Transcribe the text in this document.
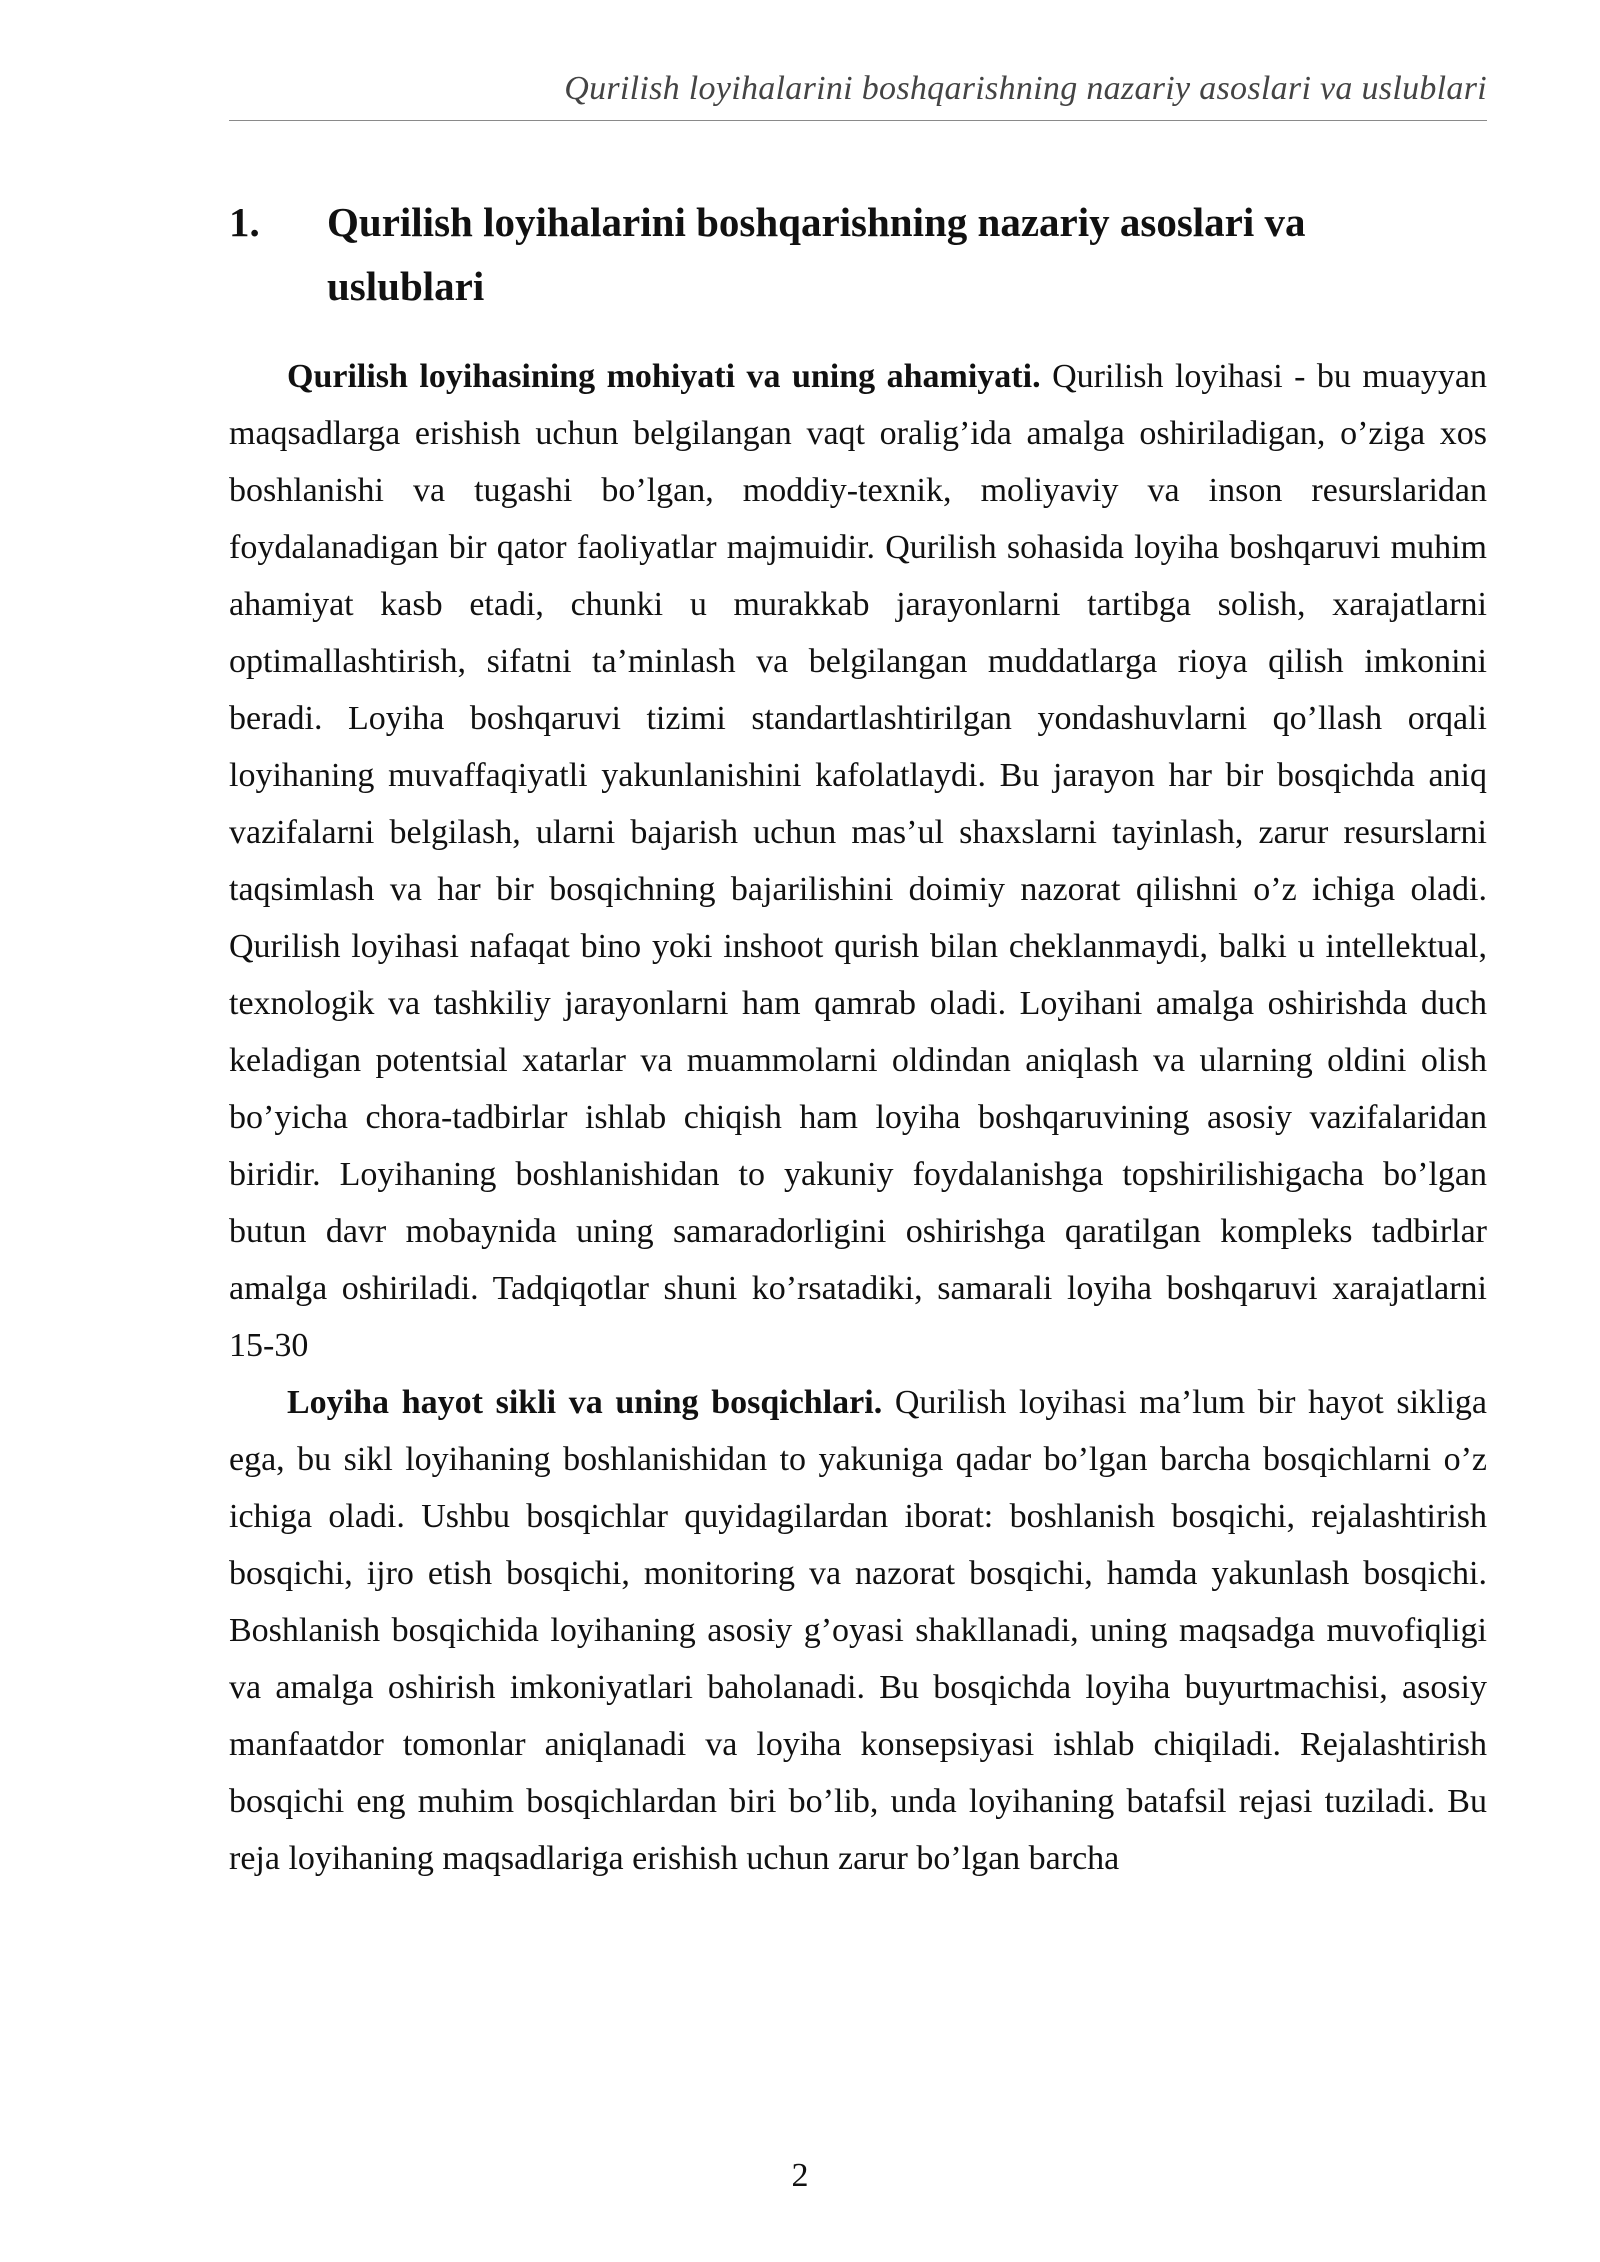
Qurilish loyihalarini boshqarishning nazariy asoslari va uslublari
1. Qurilish loyihalarini boshqarishning nazariy asoslari va uslublari

Qurilish loyihasining mohiyati va uning ahamiyati. Qurilish loyihasi - bu muayyan maqsadlarga erishish uchun belgilangan vaqt oralig’ida amalga oshiriladigan, o’ziga xos boshlanishi va tugashi bo’lgan, moddiy-texnik, moliyaviy va inson resurslaridan foydalanadigan bir qator faoliyatlar majmuidir. Qurilish sohasida loyiha boshqaruvi muhim ahamiyat kasb etadi, chunki u murakkab jarayonlarni tartibga solish, xarajatlarni optimallashtirish, sifatni ta’minlash va belgilangan muddatlarga rioya qilish imkonini beradi. Loyiha boshqaruvi tizimi standartlashtirilgan yondashuvlarni qo’llash orqali loyihaning muvaffaqiyatli yakunlanishini kafolatlaydi. Bu jarayon har bir bosqichda aniq vazifalarni belgilash, ularni bajarish uchun mas’ul shaxslarni tayinlash, zarur resurslarni taqsimlash va har bir bosqichning bajarilishini doimiy nazorat qilishni o’z ichiga oladi. Qurilish loyihasi nafaqat bino yoki inshoot qurish bilan cheklanmaydi, balki u intellektual, texnologik va tashkiliy jarayonlarni ham qamrab oladi. Loyihani amalga oshirishda duch keladigan potentsial xatarlar va muammolarni oldindan aniqlash va ularning oldini olish bo’yicha chora-tadbirlar ishlab chiqish ham loyiha boshqaruvining asosiy vazifalaridan biridir. Loyihaning boshlanishidan to yakuniy foydalanishga topshirilishigacha bo’lgan butun davr mobaynida uning samaradorligini oshirishga qaratilgan kompleks tadbirlar amalga oshiriladi. Tadqiqotlar shuni ko’rsatadiki, samarali loyiha boshqaruvi xarajatlarni 15-30

Loyiha hayot sikli va uning bosqichlari. Qurilish loyihasi ma’lum bir hayot sikliga ega, bu sikl loyihaning boshlanishidan to yakuniga qadar bo’lgan barcha bosqichlarni o’z ichiga oladi. Ushbu bosqichlar quyidagilardan iborat: boshlanish bosqichi, rejalashtirish bosqichi, ijro etish bosqichi, monitoring va nazorat bosqichi, hamda yakunlash bosqichi. Boshlanish bosqichida loyihaning asosiy g’oyasi shakllanadi, uning maqsadga muvofiqligi va amalga oshirish imkoniyatlari baholanadi. Bu bosqichda loyiha buyurtmachisi, asosiy manfaatdor tomonlar aniqlanadi va loyiha konsepsiyasi ishlab chiqiladi. Rejalashtirish bosqichi eng muhim bosqichlardan biri bo’lib, unda loyihaning batafsil rejasi tuziladi. Bu reja loyihaning maqsadlariga erishish uchun zarur bo’lgan barcha

2
